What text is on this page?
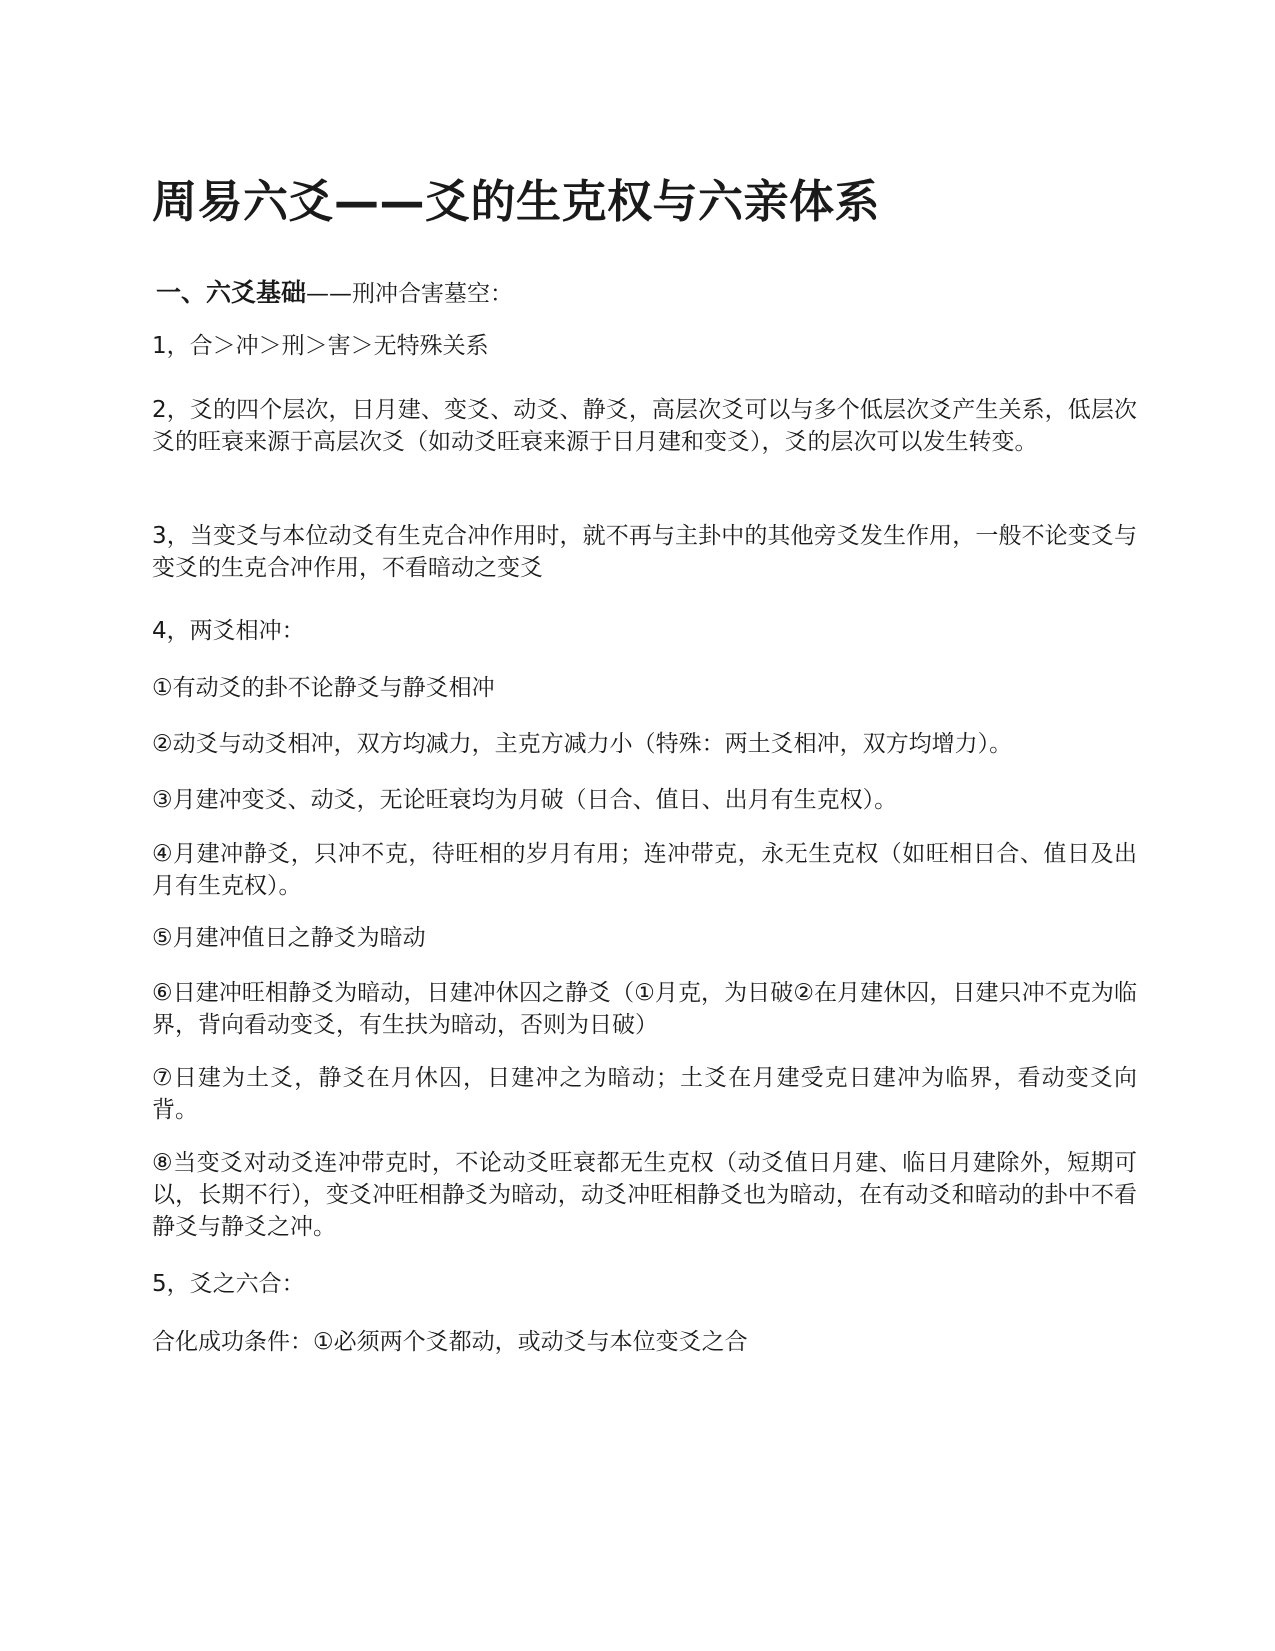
周易六爻——爻的生克权与六亲体系
一、六爻基础——刑冲合害墓空：

1，合＞冲＞刑＞害＞无特殊关系

2，爻的四个层次，日月建、变爻、动爻、静爻，高层次爻可以与多个低层次爻产生关系，低层次爻的旺衰来源于高层次爻（如动爻旺衰来源于日月建和变爻），爻的层次可以发生转变。

3，当变爻与本位动爻有生克合冲作用时，就不再与主卦中的其他旁爻发生作用，一般不论变爻与变爻的生克合冲作用，不看暗动之变爻

4，两爻相冲：

①有动爻的卦不论静爻与静爻相冲

②动爻与动爻相冲，双方均减力，主克方减力小（特殊：两土爻相冲，双方均增力）。

③月建冲变爻、动爻，无论旺衰均为月破（日合、值日、出月有生克权）。

④月建冲静爻，只冲不克，待旺相的岁月有用；连冲带克，永无生克权（如旺相日合、值日及出月有生克权）。

⑤月建冲值日之静爻为暗动

⑥日建冲旺相静爻为暗动，日建冲休囚之静爻（①月克，为日破②在月建休囚，日建只冲不克为临界，背向看动变爻，有生扶为暗动，否则为日破）

⑦日建为土爻，静爻在月休囚，日建冲之为暗动；土爻在月建受克日建冲为临界，看动变爻向背。

⑧当变爻对动爻连冲带克时，不论动爻旺衰都无生克权（动爻值日月建、临日月建除外，短期可以，长期不行），变爻冲旺相静爻为暗动，动爻冲旺相静爻也为暗动，在有动爻和暗动的卦中不看静爻与静爻之冲。

5，爻之六合：

合化成功条件：①必须两个爻都动，或动爻与本位变爻之合
